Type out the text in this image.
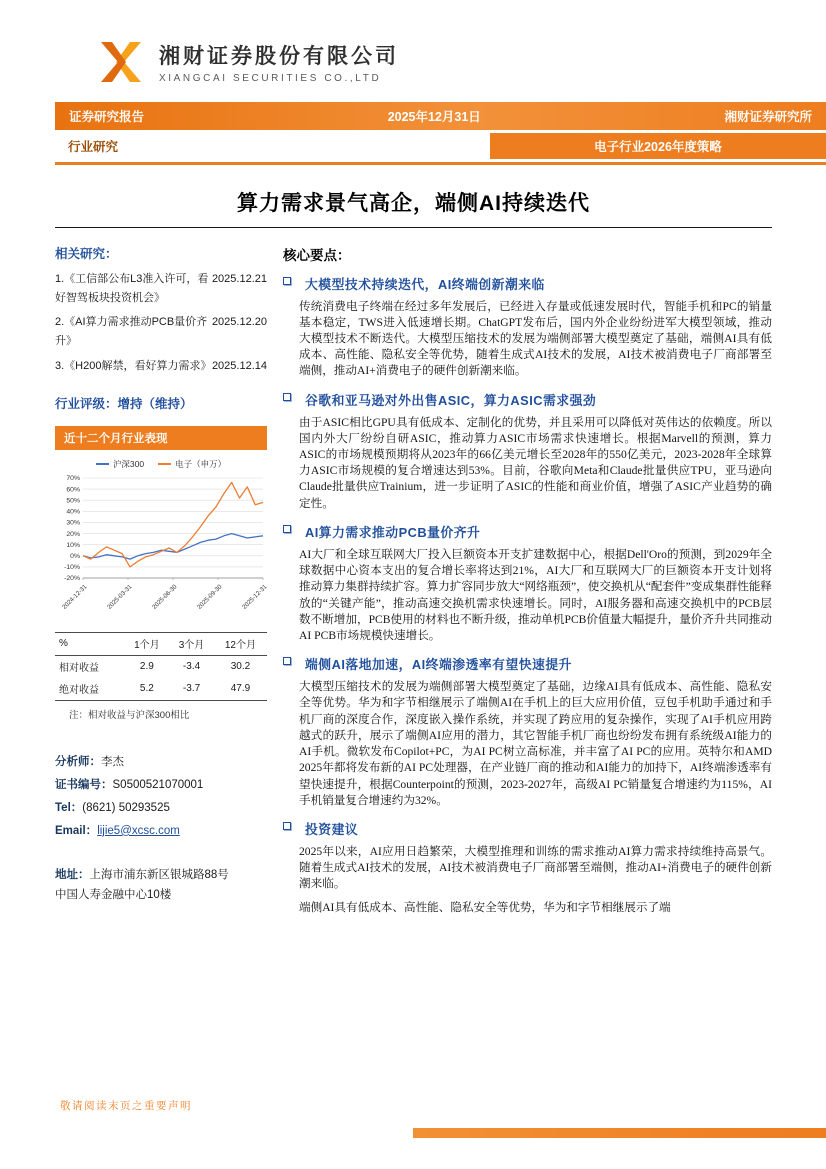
湘财证券股份有限公司
XIANGCAI SECURITIES CO.,LTD
证券研究报告	2025年12月31日	湘财证券研究所
行业研究	电子行业2026年度策略
算力需求景气高企，端侧AI持续迭代
相关研究：
2025.12.21
1.《工信部公布L3准入许可，看好智驾板块投资机会》
2025.12.20
2.《AI算力需求推动PCB量价齐升》
2025.12.14
3.《H200解禁，看好算力需求》
行业评级：增持（维持）
近十二个月行业表现
沪深300	电子（申万）
70%
60%
50%
40%
30%
20%
10%
0%
-10%
-20%
2024-12-31	2025-03-31	2025-06-30	2025-09-30	2025-12-31
%	1个月	3个月	12个月
相对收益	2.9	-3.4	30.2
绝对收益	5.2	-3.7	47.9
注：相对收益与沪深300相比
分析师：李杰
证书编号：S0500521070001
Tel：(8621) 50293525
Email：lijie5@xcsc.com
地址：上海市浦东新区银城路88号
中国人寿金融中心10楼
核心要点：
大模型技术持续迭代，AI终端创新潮来临

传统消费电子终端在经过多年发展后，已经进入存量或低速发展时代，智能手机和PC的销量基本稳定，TWS进入低速增长期。ChatGPT发布后，国内外企业纷纷进军大模型领域，推动大模型技术不断迭代。大模型压缩技术的发展为端侧部署大模型奠定了基础，端侧AI具有低成本、高性能、隐私安全等优势，随着生成式AI技术的发展，AI技术被消费电子厂商部署至端侧，推动AI+消费电子的硬件创新潮来临。

谷歌和亚马逊对外出售ASIC，算力ASIC需求强劲

由于ASIC相比GPU具有低成本、定制化的优势，并且采用可以降低对英伟达的依赖度。所以国内外大厂纷纷自研ASIC，推动算力ASIC市场需求快速增长。根据Marvell的预测，算力ASIC的市场规模预期将从2023年的66亿美元增长至2028年的550亿美元，2023-2028年全球算力ASIC市场规模的复合增速达到53%。目前，谷歌向Meta和Claude批量供应TPU，亚马逊向Claude批量供应Trainium，进一步证明了ASIC的性能和商业价值，增强了ASIC产业趋势的确定性。

AI算力需求推动PCB量价齐升

AI大厂和全球互联网大厂投入巨额资本开支扩建数据中心，根据Dell'Oro的预测，到2029年全球数据中心资本支出的复合增长率将达到21%，AI大厂和互联网大厂的巨额资本开支计划将推动算力集群持续扩容。算力扩容同步放大“网络瓶颈”，使交换机从“配套件”变成集群性能释放的“关键产能”，推动高速交换机需求快速增长。同时，AI服务器和高速交换机中的PCB层数不断增加，PCB使用的材料也不断升级，推动单机PCB价值量大幅提升，量价齐升共同推动AI PCB市场规模快速增长。

端侧AI落地加速，AI终端渗透率有望快速提升

大模型压缩技术的发展为端侧部署大模型奠定了基础，边缘AI具有低成本、高性能、隐私安全等优势。华为和字节相继展示了端侧AI在手机上的巨大应用价值，豆包手机助手通过和手机厂商的深度合作，深度嵌入操作系统，并实现了跨应用的复杂操作，实现了AI手机应用跨越式的跃升，展示了端侧AI应用的潜力，其它智能手机厂商也纷纷发布拥有系统级AI能力的AI手机。微软发布Copilot+PC，为AI PC树立高标准，并丰富了AI PC的应用。英特尔和AMD 2025年都将发布新的AI PC处理器，在产业链厂商的推动和AI能力的加持下，AI终端渗透率有望快速提升，根据Counterpoint的预测，2023-2027年，高级AI PC销量复合增速约为115%，AI手机销量复合增速约为32%。

投资建议

2025年以来，AI应用日趋繁荣，大模型推理和训练的需求推动AI算力需求持续维持高景气。随着生成式AI技术的发展，AI技术被消费电子厂商部署至端侧，推动AI+消费电子的硬件创新潮来临。

端侧AI具有低成本、高性能、隐私安全等优势，华为和字节相继展示了端

敬请阅读末页之重要声明
